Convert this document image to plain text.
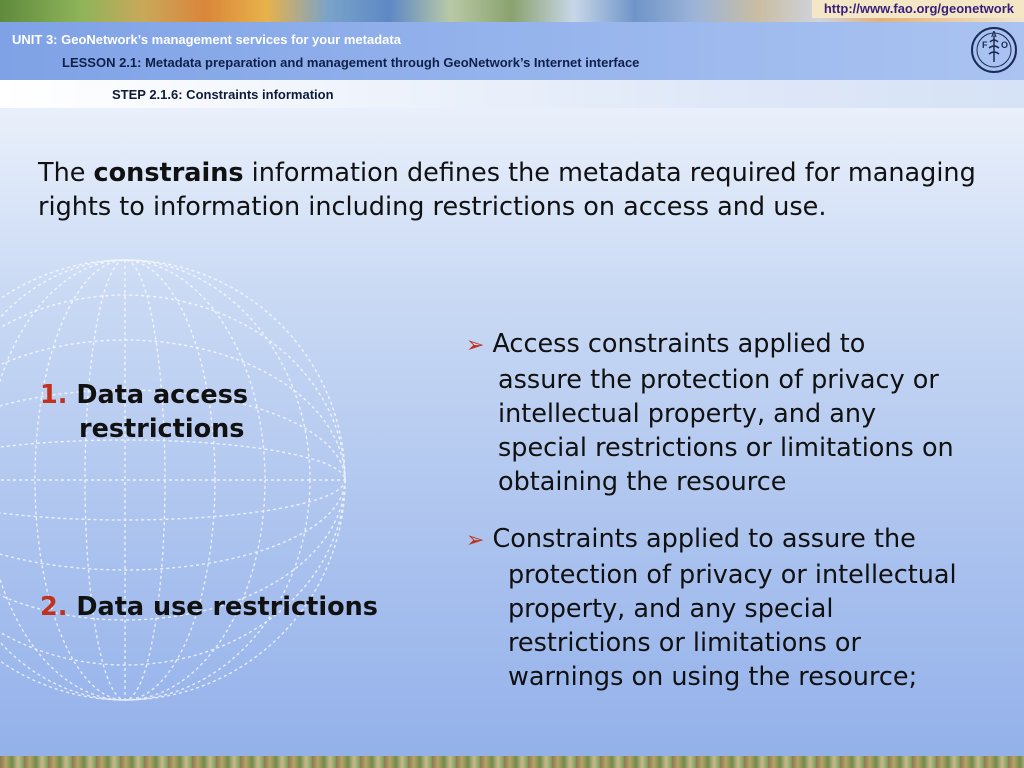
http://www.fao.org/geonetwork
UNIT 3: GeoNetwork’s management services for your metadata
LESSON 2.1: Metadata preparation and management through GeoNetwork’s Internet interface
F O
A
STEP 2.1.6: Constraints information
The constrains information defines the metadata required for managing rights to information including restrictions on access and use.
1. Data access
restrictions
2. Data use restrictions
➢ Access constraints applied to
assure the protection of privacy or
intellectual property, and any
special restrictions or limitations on
obtaining the resource
➢ Constraints applied to assure the
protection of privacy or intellectual
property, and any special
restrictions or limitations or
warnings on using the resource;
